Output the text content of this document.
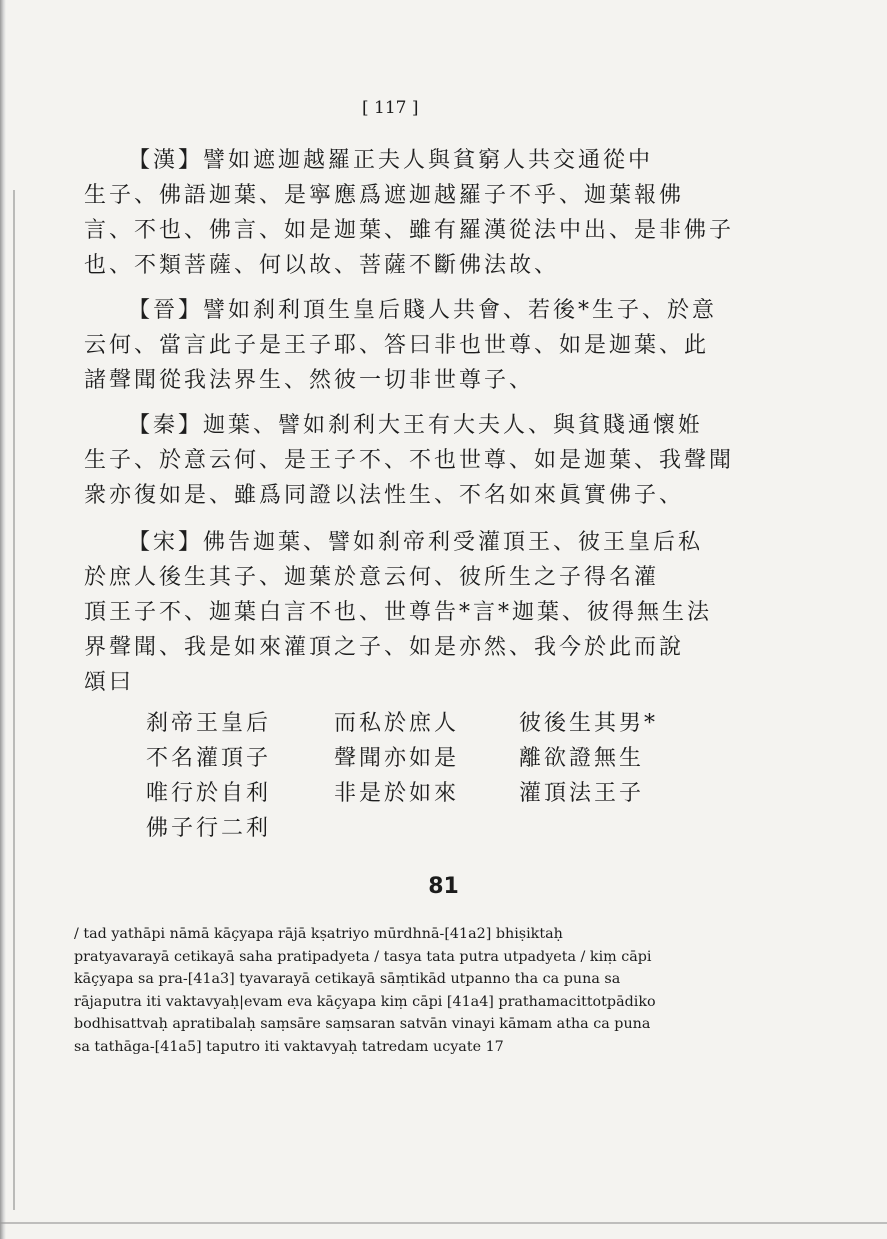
[ 117 ]
【漢】譬如遮迦越羅正夫人與貧窮人共交通從中
生子、佛語迦葉、是寧應爲遮迦越羅子不乎、迦葉報佛
言、不也、佛言、如是迦葉、雖有羅漢從法中出、是非佛子
也、不類菩薩、何以故、菩薩不斷佛法故、
【晉】譬如刹利頂生皇后賤人共會、若後*生子、於意
云何、當言此子是王子耶、答曰非也世尊、如是迦葉、此
諸聲聞從我法界生、然彼一切非世尊子、
【秦】迦葉、譬如刹利大王有大夫人、與貧賤通懷姙
生子、於意云何、是王子不、不也世尊、如是迦葉、我聲聞
衆亦復如是、雖爲同證以法性生、不名如來眞實佛子、
【宋】佛告迦葉、譬如刹帝利受灌頂王、彼王皇后私
於庶人後生其子、迦葉於意云何、彼所生之子得名灌
頂王子不、迦葉白言不也、世尊告*言*迦葉、彼得無生法
界聲聞、我是如來灌頂之子、如是亦然、我今於此而說
頌曰
刹帝王皇后	而私於庶人	彼後生其男*
不名灌頂子	聲聞亦如是	離欲證無生
唯行於自利	非是於如來	灌頂法王子
佛子行二利
81
/ tad yathāpi nāmā kāçyapa rājā kṣatriyo mūrdhnā-[41a2] bhiṣiktaḥ
pratyavarayā cetikayā saha pratipadyeta / tasya tata putra utpadyeta / kiṃ cāpi
kāçyapa sa pra-[41a3] tyavarayā cetikayā sāṃtikād utpanno tha ca puna sa
rājaputra iti vaktavyaḥ|evam eva kāçyapa kiṃ cāpi [41a4] prathamacittotpādiko
bodhisattvaḥ apratibalaḥ saṃsāre saṃsaran satvān vinayi kāmam atha ca puna
sa tathāga-[41a5] taputro iti vaktavyaḥ tatredam ucyate 17
